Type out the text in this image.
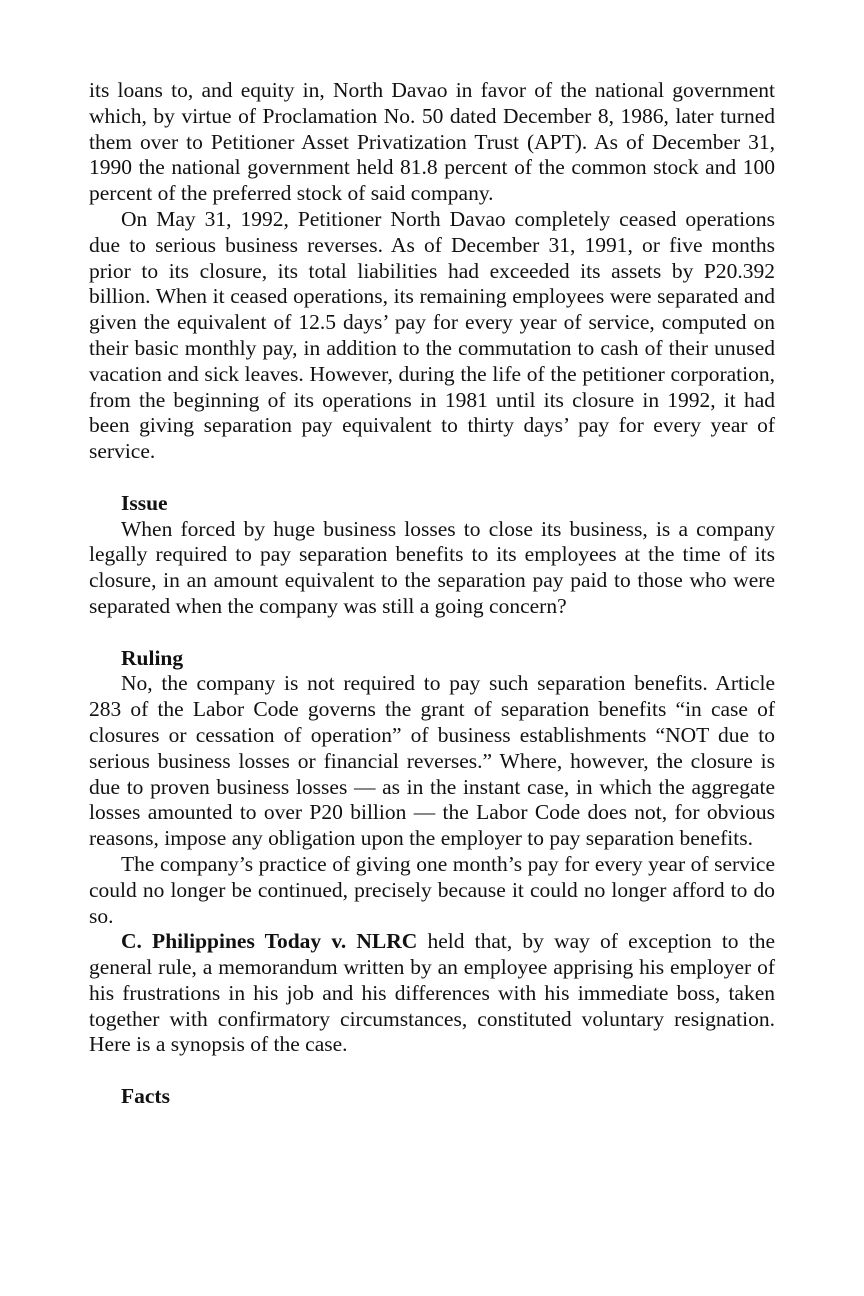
its loans to, and equity in, North Davao in favor of the national government which, by virtue of Proclamation No. 50 dated December 8, 1986, later turned them over to Petitioner Asset Privatization Trust (APT). As of December 31, 1990 the national government held 81.8 percent of the common stock and 100 percent of the preferred stock of said company.

On May 31, 1992, Petitioner North Davao completely ceased operations due to serious business reverses. As of December 31, 1991, or five months prior to its closure, its total liabilities had exceeded its assets by P20.392 billion. When it ceased operations, its remaining employees were separated and given the equivalent of 12.5 days’ pay for every year of service, computed on their basic monthly pay, in addition to the commutation to cash of their unused vacation and sick leaves. However, during the life of the petitioner corporation, from the beginning of its operations in 1981 until its closure in 1992, it had been giving separation pay equivalent to thirty days’ pay for every year of service.

Issue

When forced by huge business losses to close its business, is a company legally required to pay separation benefits to its employees at the time of its closure, in an amount equivalent to the separation pay paid to those who were separated when the company was still a going concern?

Ruling

No, the company is not required to pay such separation benefits. Article 283 of the Labor Code governs the grant of separation benefits “in case of closures or cessation of operation” of business establishments “NOT due to serious business losses or financial reverses.” Where, however, the closure is due to proven business losses — as in the instant case, in which the aggregate losses amounted to over P20 billion — the Labor Code does not, for obvious reasons, impose any obligation upon the employer to pay separation benefits.

The company’s practice of giving one month’s pay for every year of service could no longer be continued, precisely because it could no longer afford to do so.

C. Philippines Today v. NLRC held that, by way of exception to the general rule, a memorandum written by an employee apprising his employer of his frustrations in his job and his differences with his immediate boss, taken together with confirmatory circumstances, constituted voluntary resignation. Here is a synopsis of the case.

Facts
